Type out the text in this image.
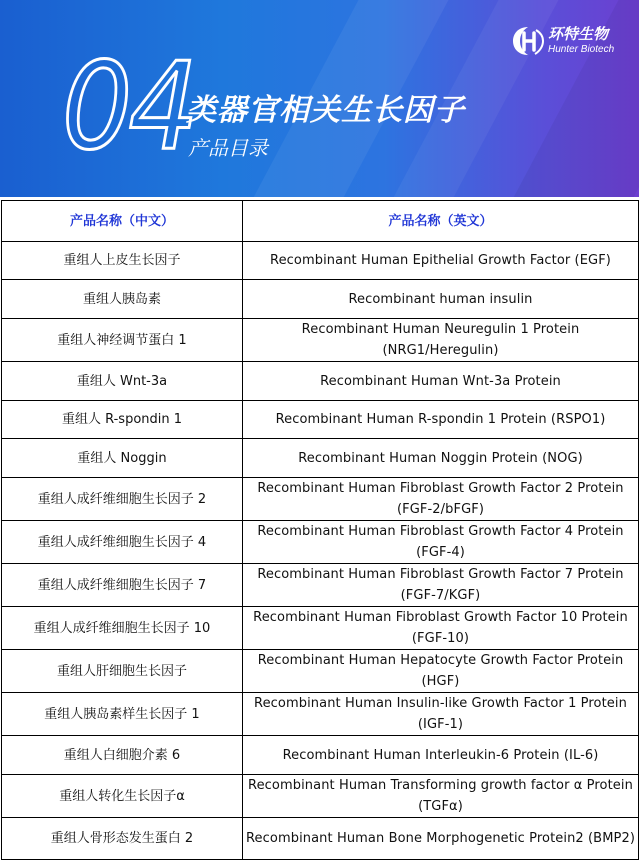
04
类器官相关生长因子
产品目录
环特生物
Hunter Biotech
产品名称（中文）	产品名称（英文）
重组人上皮生长因子	Recombinant Human Epithelial Growth Factor (EGF)
重组人胰岛素	Recombinant human insulin
重组人神经调节蛋白 1	Recombinant Human Neuregulin 1 Protein (NRG1/Heregulin)
重组人 Wnt-3a	Recombinant Human Wnt-3a Protein
重组人 R-spondin 1	Recombinant Human R-spondin 1 Protein (RSPO1)
重组人 Noggin	Recombinant Human Noggin Protein (NOG)
重组人成纤维细胞生长因子 2	Recombinant Human Fibroblast Growth Factor 2 Protein (FGF-2/bFGF)
重组人成纤维细胞生长因子 4	Recombinant Human Fibroblast Growth Factor 4 Protein (FGF-4)
重组人成纤维细胞生长因子 7	Recombinant Human Fibroblast Growth Factor 7 Protein (FGF-7/KGF)
重组人成纤维细胞生长因子 10	Recombinant Human Fibroblast Growth Factor 10 Protein (FGF-10)
重组人肝细胞生长因子	Recombinant Human Hepatocyte Growth Factor Protein (HGF)
重组人胰岛素样生长因子 1	Recombinant Human Insulin-like Growth Factor 1 Protein (IGF-1)
重组人白细胞介素 6	Recombinant Human Interleukin-6 Protein (IL-6)
重组人转化生长因子α	Recombinant Human Transforming growth factor α Protein (TGFα)
重组人骨形态发生蛋白 2	Recombinant Human Bone Morphogenetic Protein2 (BMP2)
